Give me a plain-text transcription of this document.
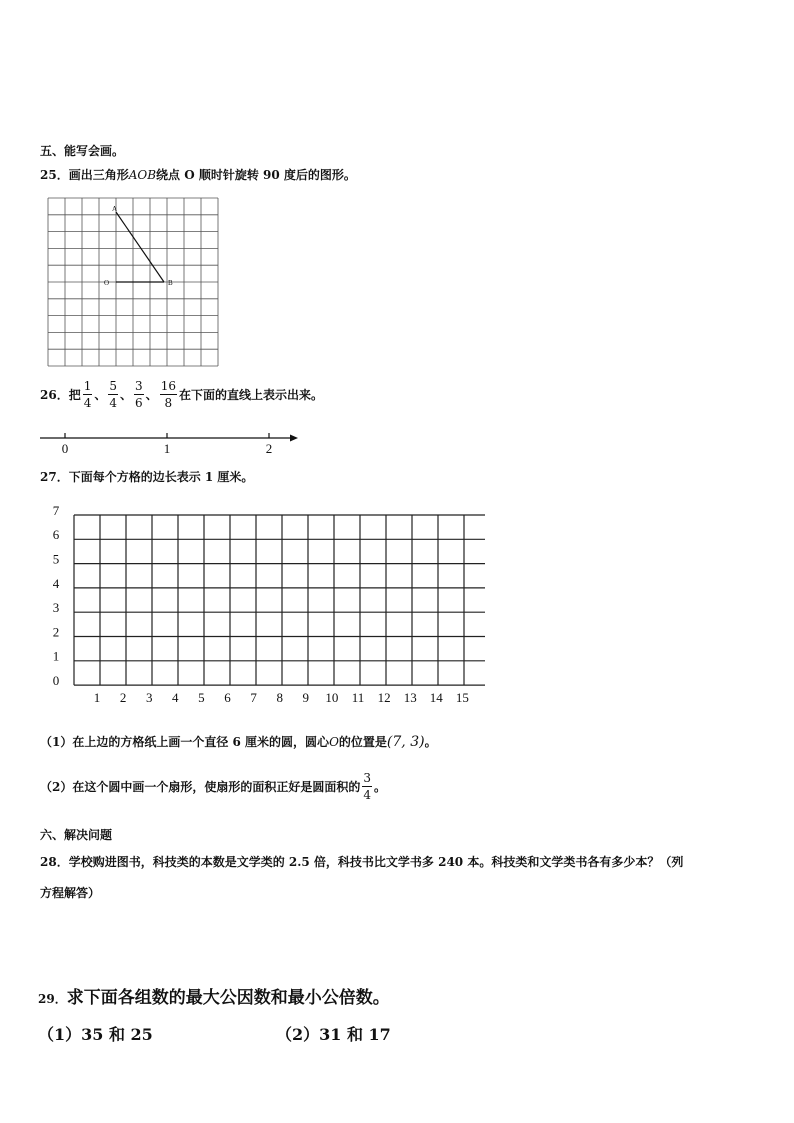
五、能写会画。
25．画出三角形AOB绕点 O 顺时针旋转 90 度后的图形。
A
O	B
26． 把 $\frac{1}{4}$ 、 $\frac{5}{4}$ 、 $\frac{3}{6}$ 、 $\frac{16}{8}$ 在下面的直线上表示出来。
0	1	2
27．下面每个方格的边长表示 1 厘米。
0
1
2
3
4
5
6
7
1 2 3 4 5 6 7 8 9 10 11 12 13 14 15
（1）在上边的方格纸上画一个直径 6 厘米的圆，圆心O的位置是(7, 3)。
（2）在这个圆中画一个扇形，使扇形的面积正好是圆面积的 $\frac{3}{4}$ 。
六、解决问题
28．学校购进图书，科技类的本数是文学类的 2.5 倍，科技书比文学书多 240 本。科技类和文学类书各有多少本？（列
方程解答）
29．求下面各组数的最大公因数和最小公倍数。
（1）35 和 25	（2）31 和 17
